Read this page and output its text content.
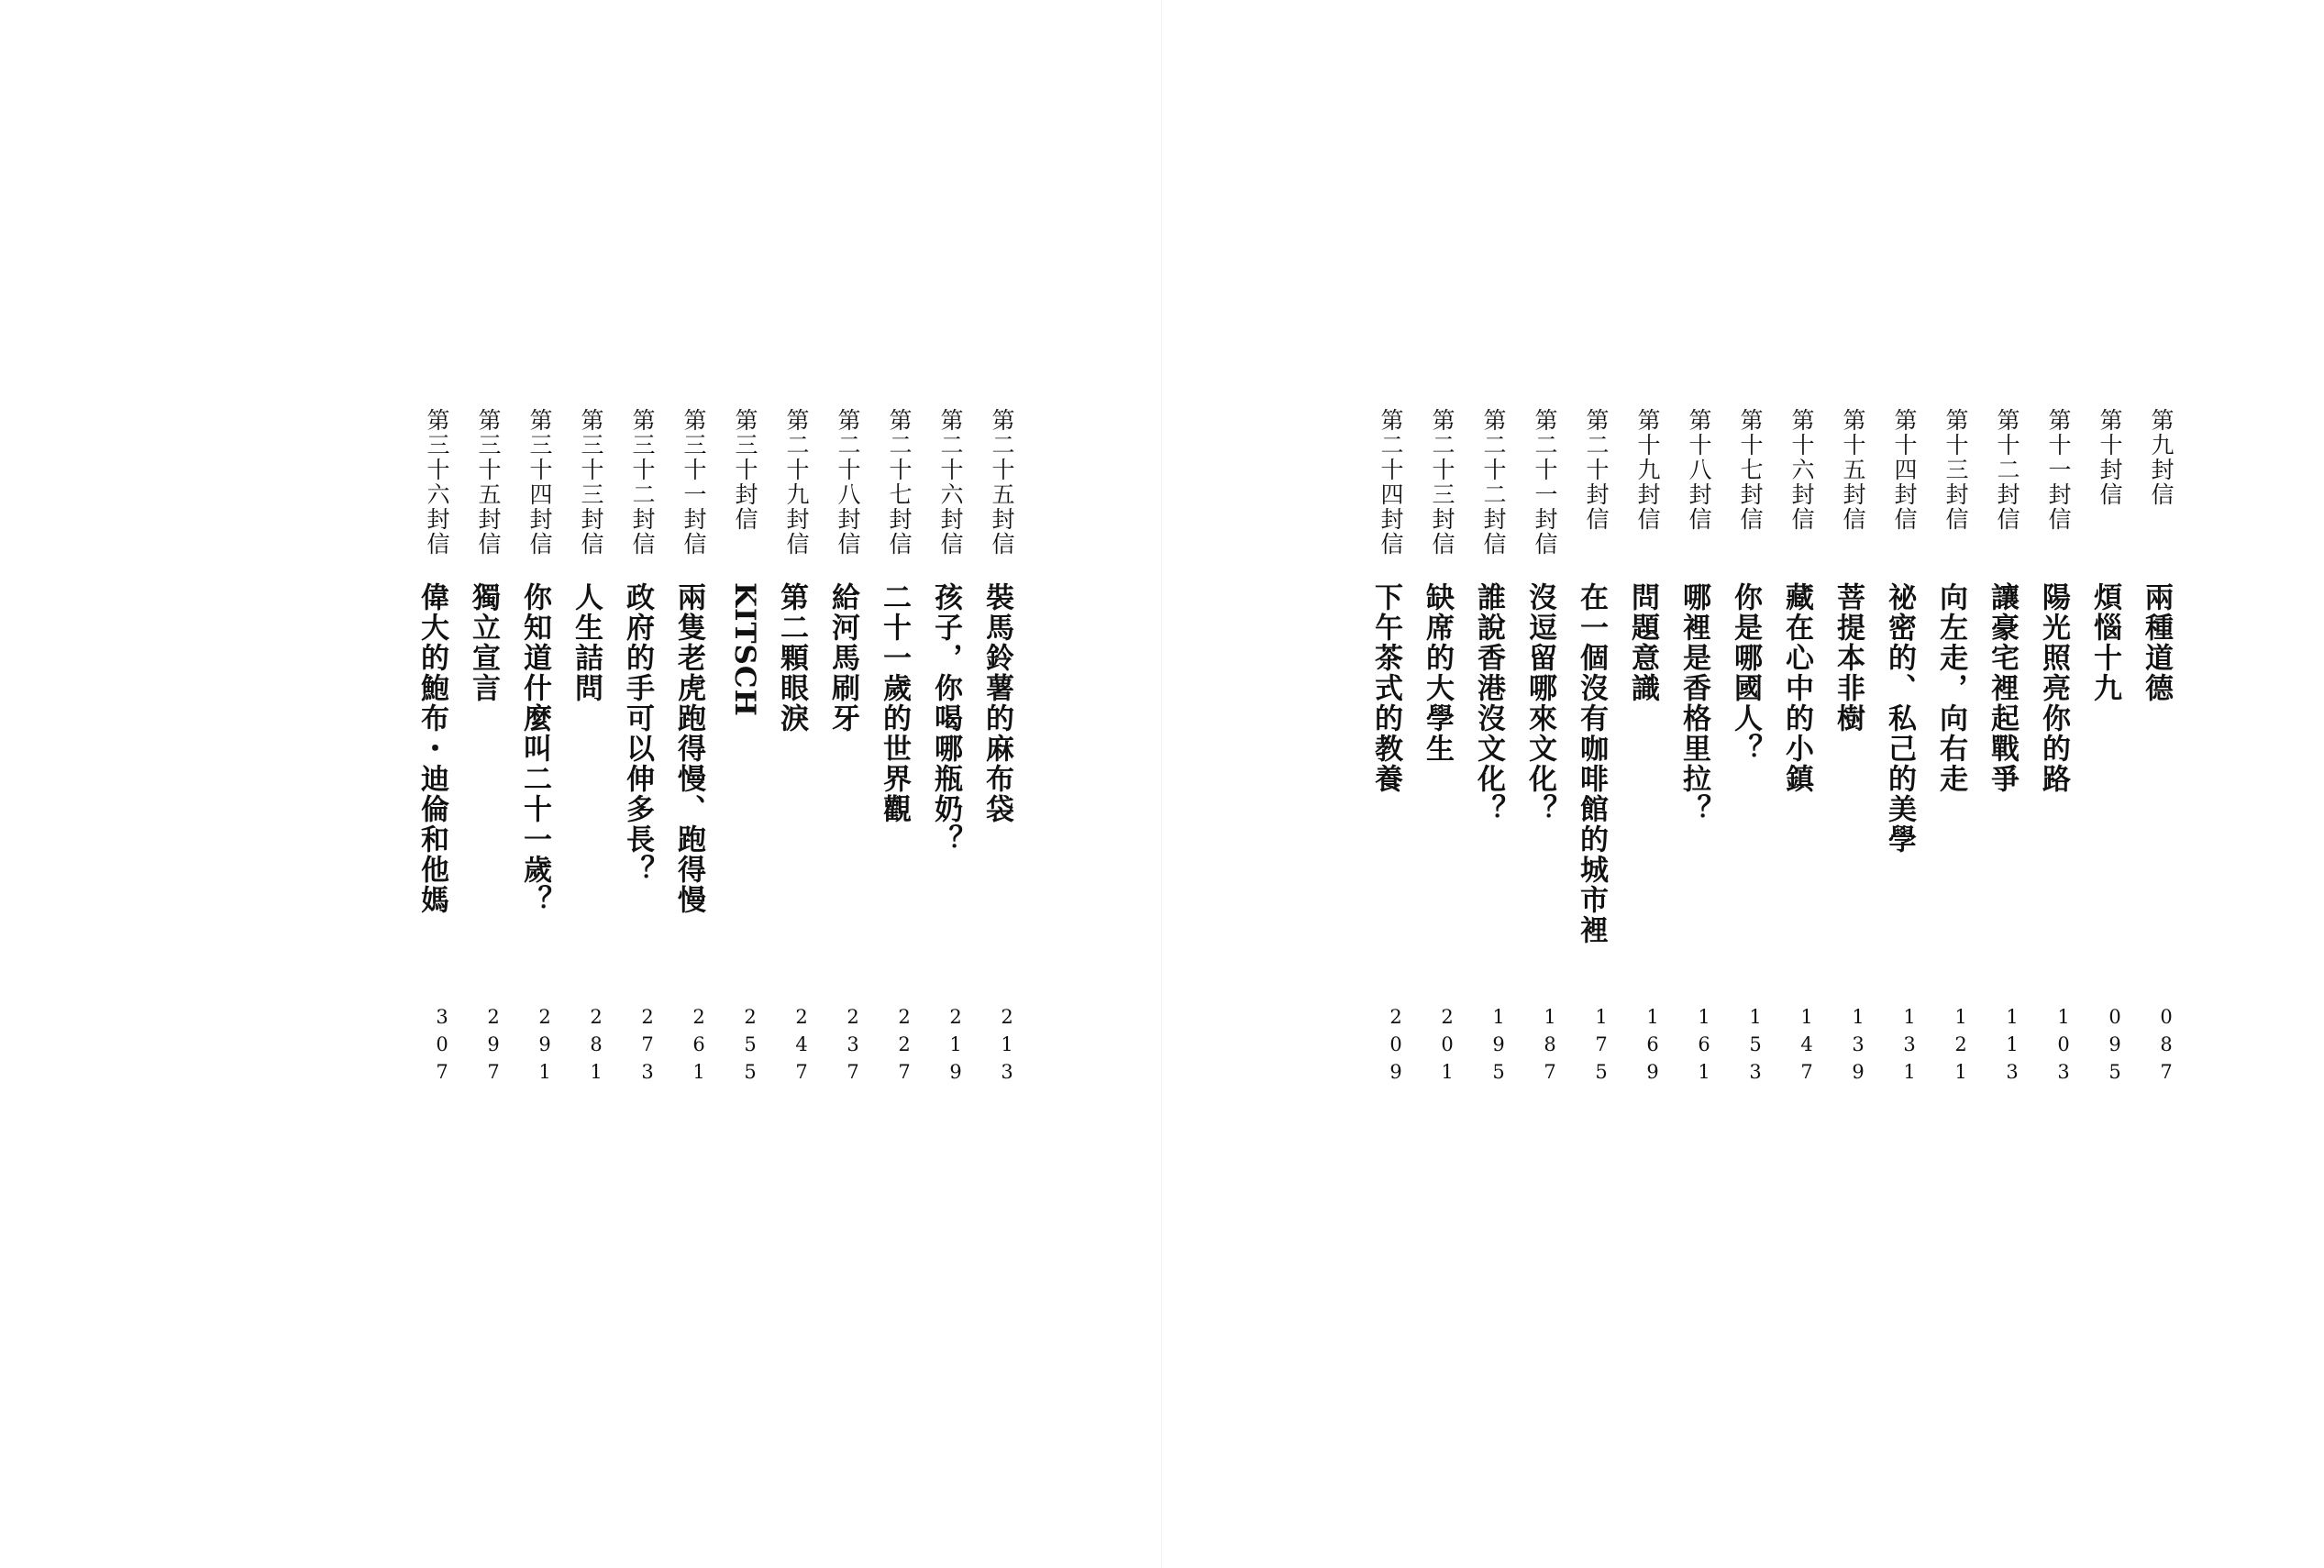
第二十五封信
裝馬鈴薯的麻布袋
213
第二十六封信
孩子，你喝哪瓶奶？
219
第二十七封信
二十一歲的世界觀
227
第二十八封信
給河馬刷牙
237
第二十九封信
第二顆眼淚
247
第三十封信
KITSCH
255
第三十一封信
兩隻老虎跑得慢、跑得慢
261
第三十二封信
政府的手可以伸多長？
273
第三十三封信
人生詰問
281
第三十四封信
你知道什麼叫二十一歲？
291
第三十五封信
獨立宣言
297
第三十六封信
偉大的鮑布・迪倫和他媽
307
第九封信
兩種道德
087
第十封信
煩惱十九
095
第十一封信
陽光照亮你的路
103
第十二封信
讓豪宅裡起戰爭
113
第十三封信
向左走，向右走
121
第十四封信
祕密的、私己的美學
131
第十五封信
菩提本非樹
139
第十六封信
藏在心中的小鎮
147
第十七封信
你是哪國人？
153
第十八封信
哪裡是香格里拉？
161
第十九封信
問題意識
169
第二十封信
在一個沒有咖啡館的城市裡
175
第二十一封信
沒逗留哪來文化？
187
第二十二封信
誰說香港沒文化？
195
第二十三封信
缺席的大學生
201
第二十四封信
下午茶式的教養
209
